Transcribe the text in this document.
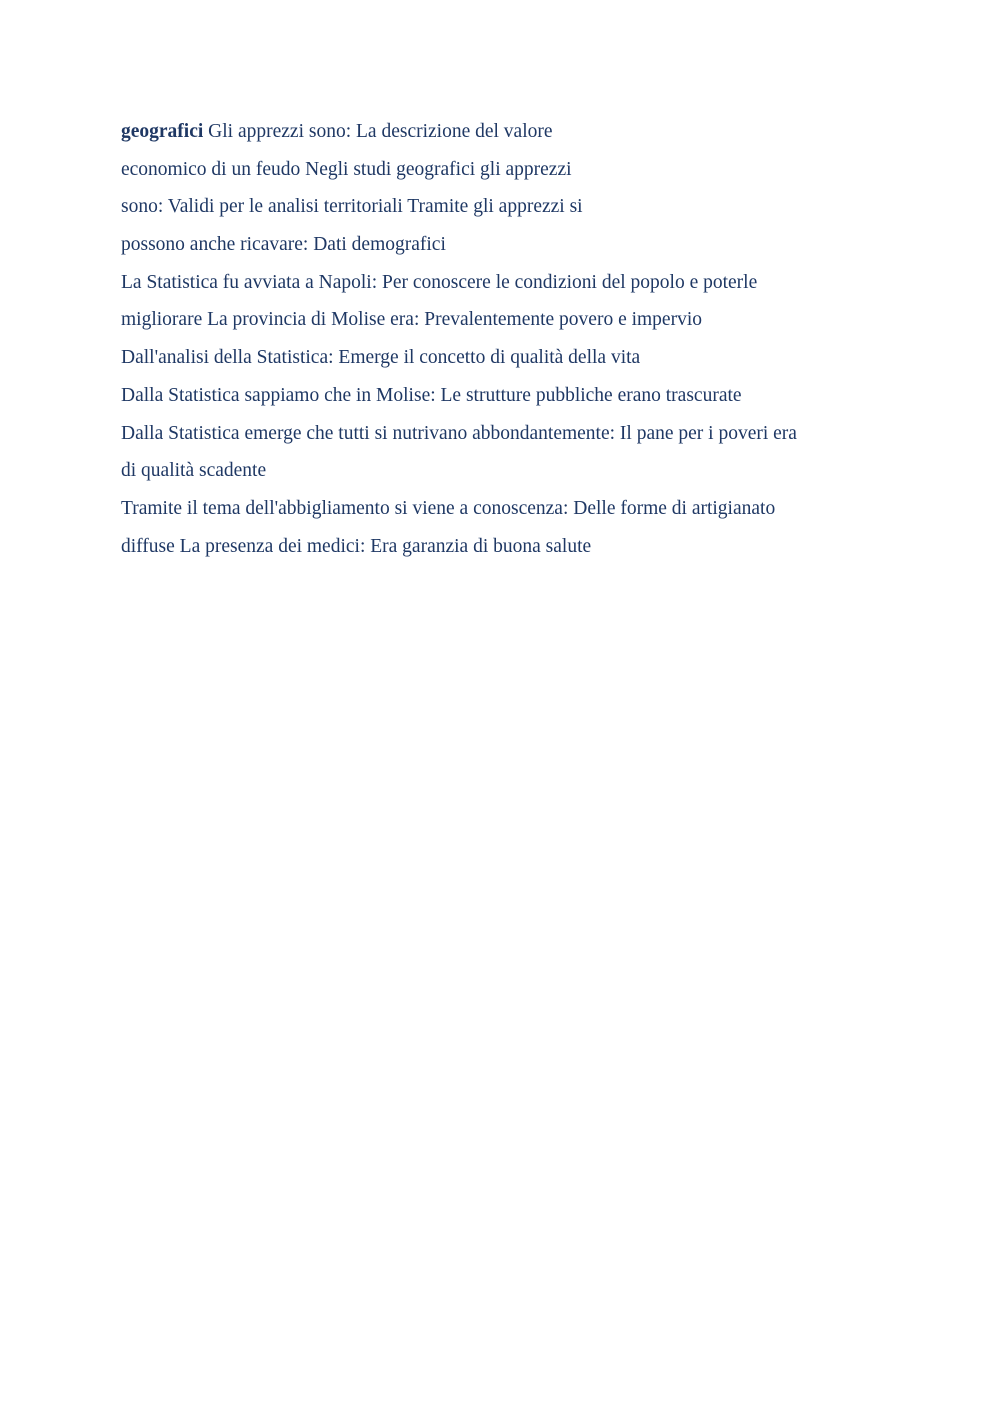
geografici Gli apprezzi sono: La descrizione del valore
economico di un feudo Negli studi geografici gli apprezzi
sono: Validi per le analisi territoriali Tramite gli apprezzi si
possono anche ricavare: Dati demografici
La Statistica fu avviata a Napoli: Per conoscere le condizioni del popolo e poterle
migliorare La provincia di Molise era: Prevalentemente povero e impervio
Dall'analisi della Statistica: Emerge il concetto di qualità della vita
Dalla Statistica sappiamo che in Molise: Le strutture pubbliche erano trascurate
Dalla Statistica emerge che tutti si nutrivano abbondantemente: Il pane per i poveri era
di qualità scadente
Tramite il tema dell'abbigliamento si viene a conoscenza: Delle forme di artigianato
diffuse La presenza dei medici: Era garanzia di buona salute
